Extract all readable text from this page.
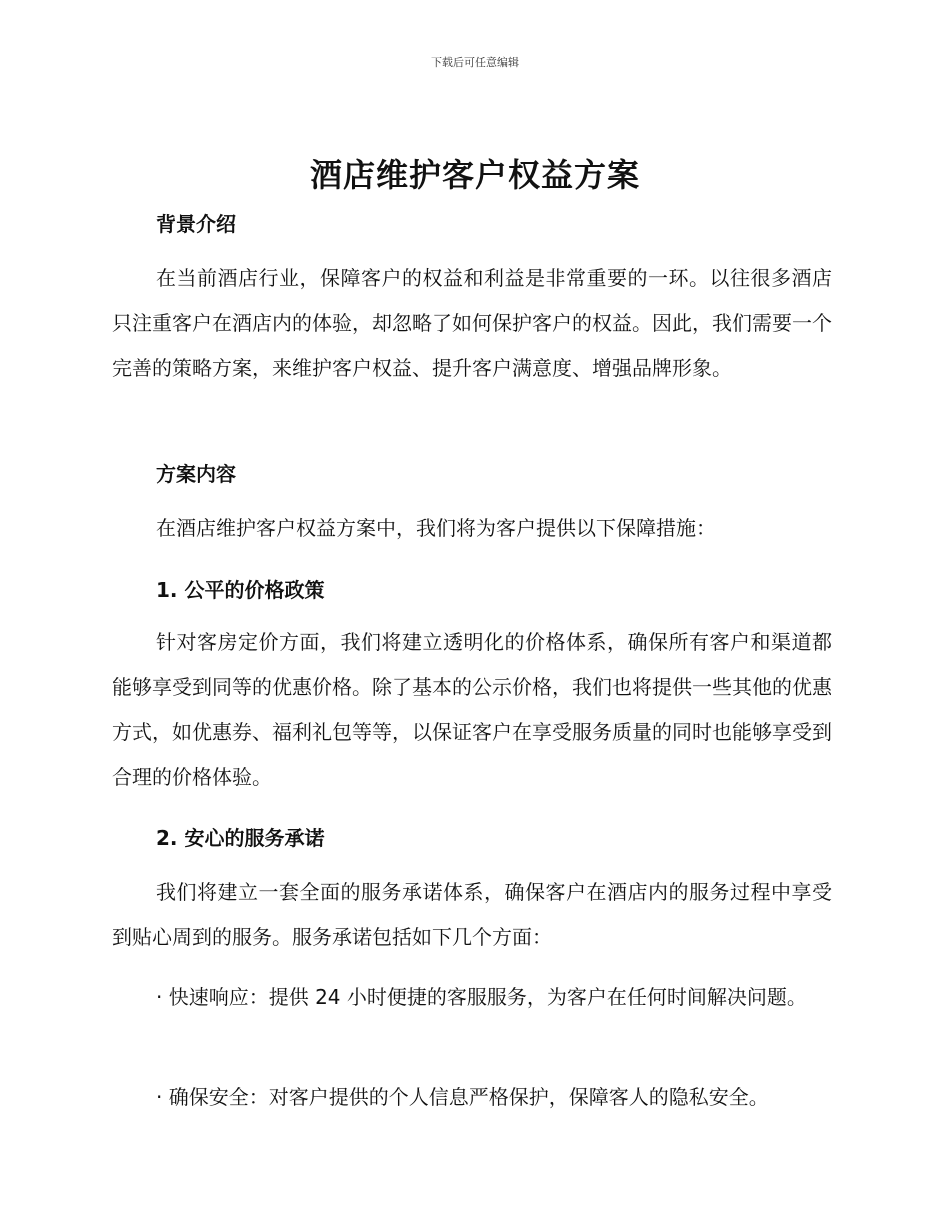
下载后可任意编辑
酒店维护客户权益方案
背景介绍

在当前酒店行业，保障客户的权益和利益是非常重要的一环。以往很多酒店只注重客户在酒店内的体验，却忽略了如何保护客户的权益。因此，我们需要一个完善的策略方案，来维护客户权益、提升客户满意度、增强品牌形象。

方案内容

在酒店维护客户权益方案中，我们将为客户提供以下保障措施：

1. 公平的价格政策

针对客房定价方面，我们将建立透明化的价格体系，确保所有客户和渠道都能够享受到同等的优惠价格。除了基本的公示价格，我们也将提供一些其他的优惠方式，如优惠券、福利礼包等等，以保证客户在享受服务质量的同时也能够享受到合理的价格体验。

2. 安心的服务承诺

我们将建立一套全面的服务承诺体系，确保客户在酒店内的服务过程中享受到贴心周到的服务。服务承诺包括如下几个方面：

· 快速响应：提供 24 小时便捷的客服服务，为客户在任何时间解决问题。

· 确保安全：对客户提供的个人信息严格保护，保障客人的隐私安全。
